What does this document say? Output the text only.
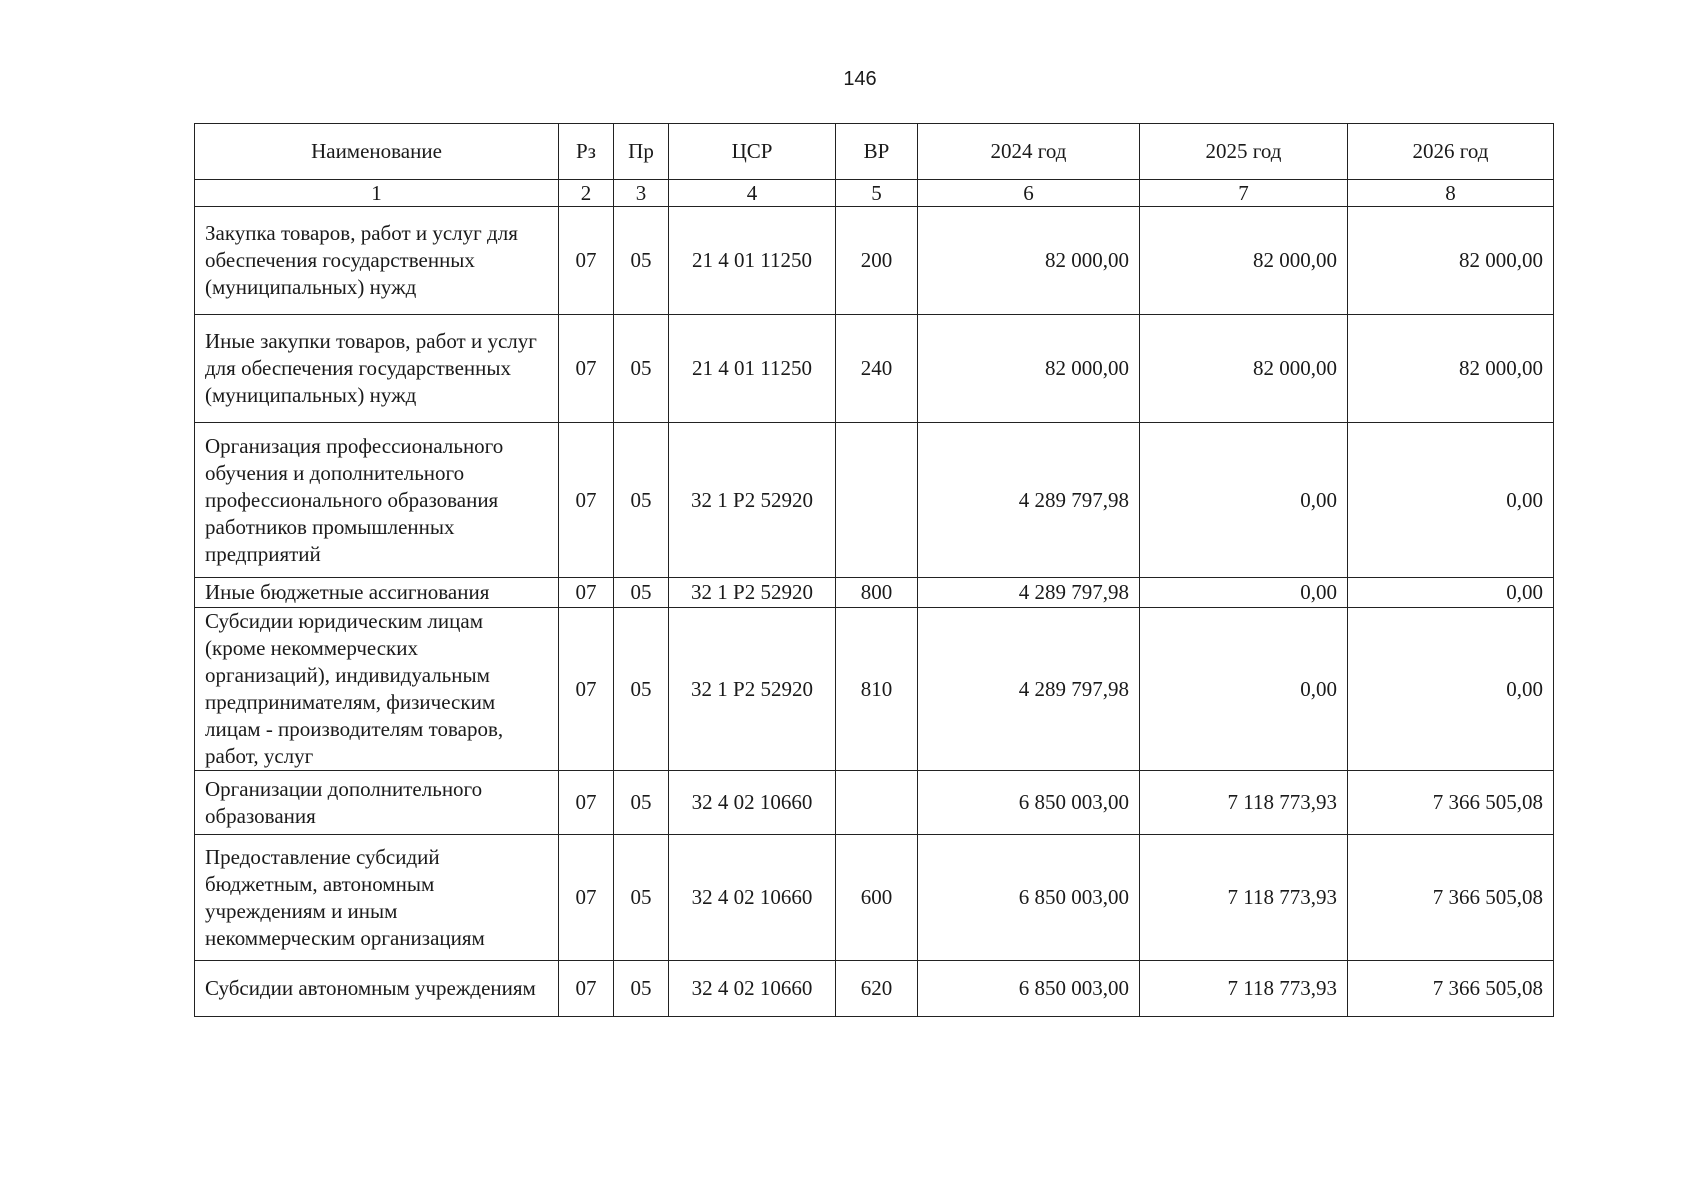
146
Наименование	Рз	Пр	ЦСР	ВР	2024 год	2025 год	2026 год
1	2	3	4	5	6	7	8
Закупка товаров, работ и услуг для обеспечения государственных (муниципальных) нужд	07	05	21 4 01 11250	200	82 000,00	82 000,00	82 000,00
Иные закупки товаров, работ и услуг для обеспечения государственных (муниципальных) нужд	07	05	21 4 01 11250	240	82 000,00	82 000,00	82 000,00
Организация профессионального обучения и дополнительного профессионального образования работников промышленных предприятий	07	05	32 1 Р2 52920		4 289 797,98	0,00	0,00
Иные бюджетные ассигнования	07	05	32 1 Р2 52920	800	4 289 797,98	0,00	0,00
Субсидии юридическим лицам (кроме некоммерческих организаций), индивидуальным предпринимателям, физическим лицам - производителям товаров, работ, услуг	07	05	32 1 Р2 52920	810	4 289 797,98	0,00	0,00
Организации дополнительного образования	07	05	32 4 02 10660		6 850 003,00	7 118 773,93	7 366 505,08
Предоставление субсидий бюджетным, автономным учреждениям и иным некоммерческим организациям	07	05	32 4 02 10660	600	6 850 003,00	7 118 773,93	7 366 505,08
Субсидии автономным учреждениям	07	05	32 4 02 10660	620	6 850 003,00	7 118 773,93	7 366 505,08
